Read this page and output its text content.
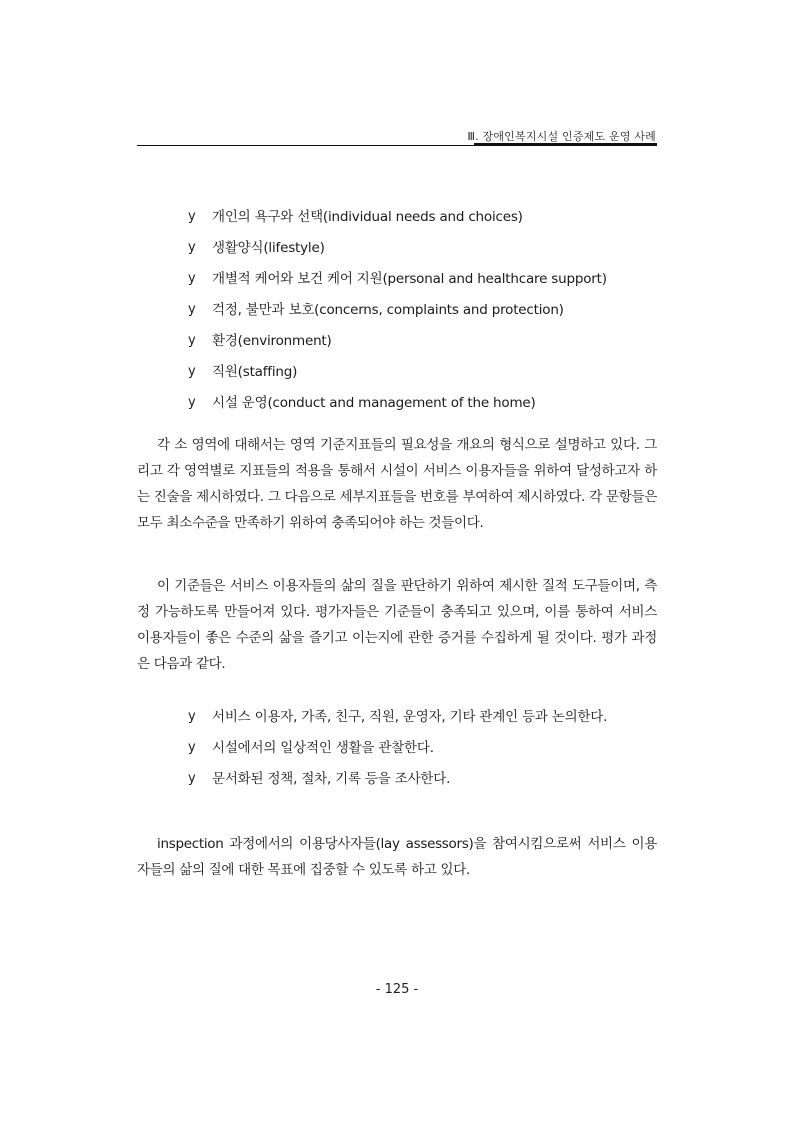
Ⅲ. 장애인복지시설 인증제도 운영 사례
y 개인의 욕구와 선택(individual needs and choices)
y 생활양식(lifestyle)
y 개별적 케어와 보건 케어 지원(personal and healthcare support)
y 걱정, 불만과 보호(concerns, complaints and protection)
y 환경(environment)
y 직원(staffing)
y 시설 운영(conduct and management of the home)

각 소 영역에 대해서는 영역 기준지표들의 필요성을 개요의 형식으로 설명하고 있다. 그리고 각 영역별로 지표들의 적용을 통해서 시설이 서비스 이용자들을 위하여 달성하고자 하는 진술을 제시하였다. 그 다음으로 세부지표들을 번호를 부여하여 제시하였다. 각 문항들은 모두 최소수준을 만족하기 위하여 충족되어야 하는 것들이다.

이 기준들은 서비스 이용자들의 삶의 질을 판단하기 위하여 제시한 질적 도구들이며, 측정 가능하도록 만들어져 있다. 평가자들은 기준들이 충족되고 있으며, 이를 통하여 서비스 이용자들이 좋은 수준의 삶을 즐기고 이는지에 관한 증거를 수집하게 될 것이다. 평가 과정은 다음과 같다.

y 서비스 이용자, 가족, 친구, 직원, 운영자, 기타 관계인 등과 논의한다.
y 시설에서의 일상적인 생활을 관찰한다.
y 문서화된 정책, 절차, 기록 등을 조사한다.

inspection 과정에서의 이용당사자들(lay assessors)을 참여시킴으로써 서비스 이용자들의 삶의 질에 대한 목표에 집중할 수 있도록 하고 있다.

- 125 -
